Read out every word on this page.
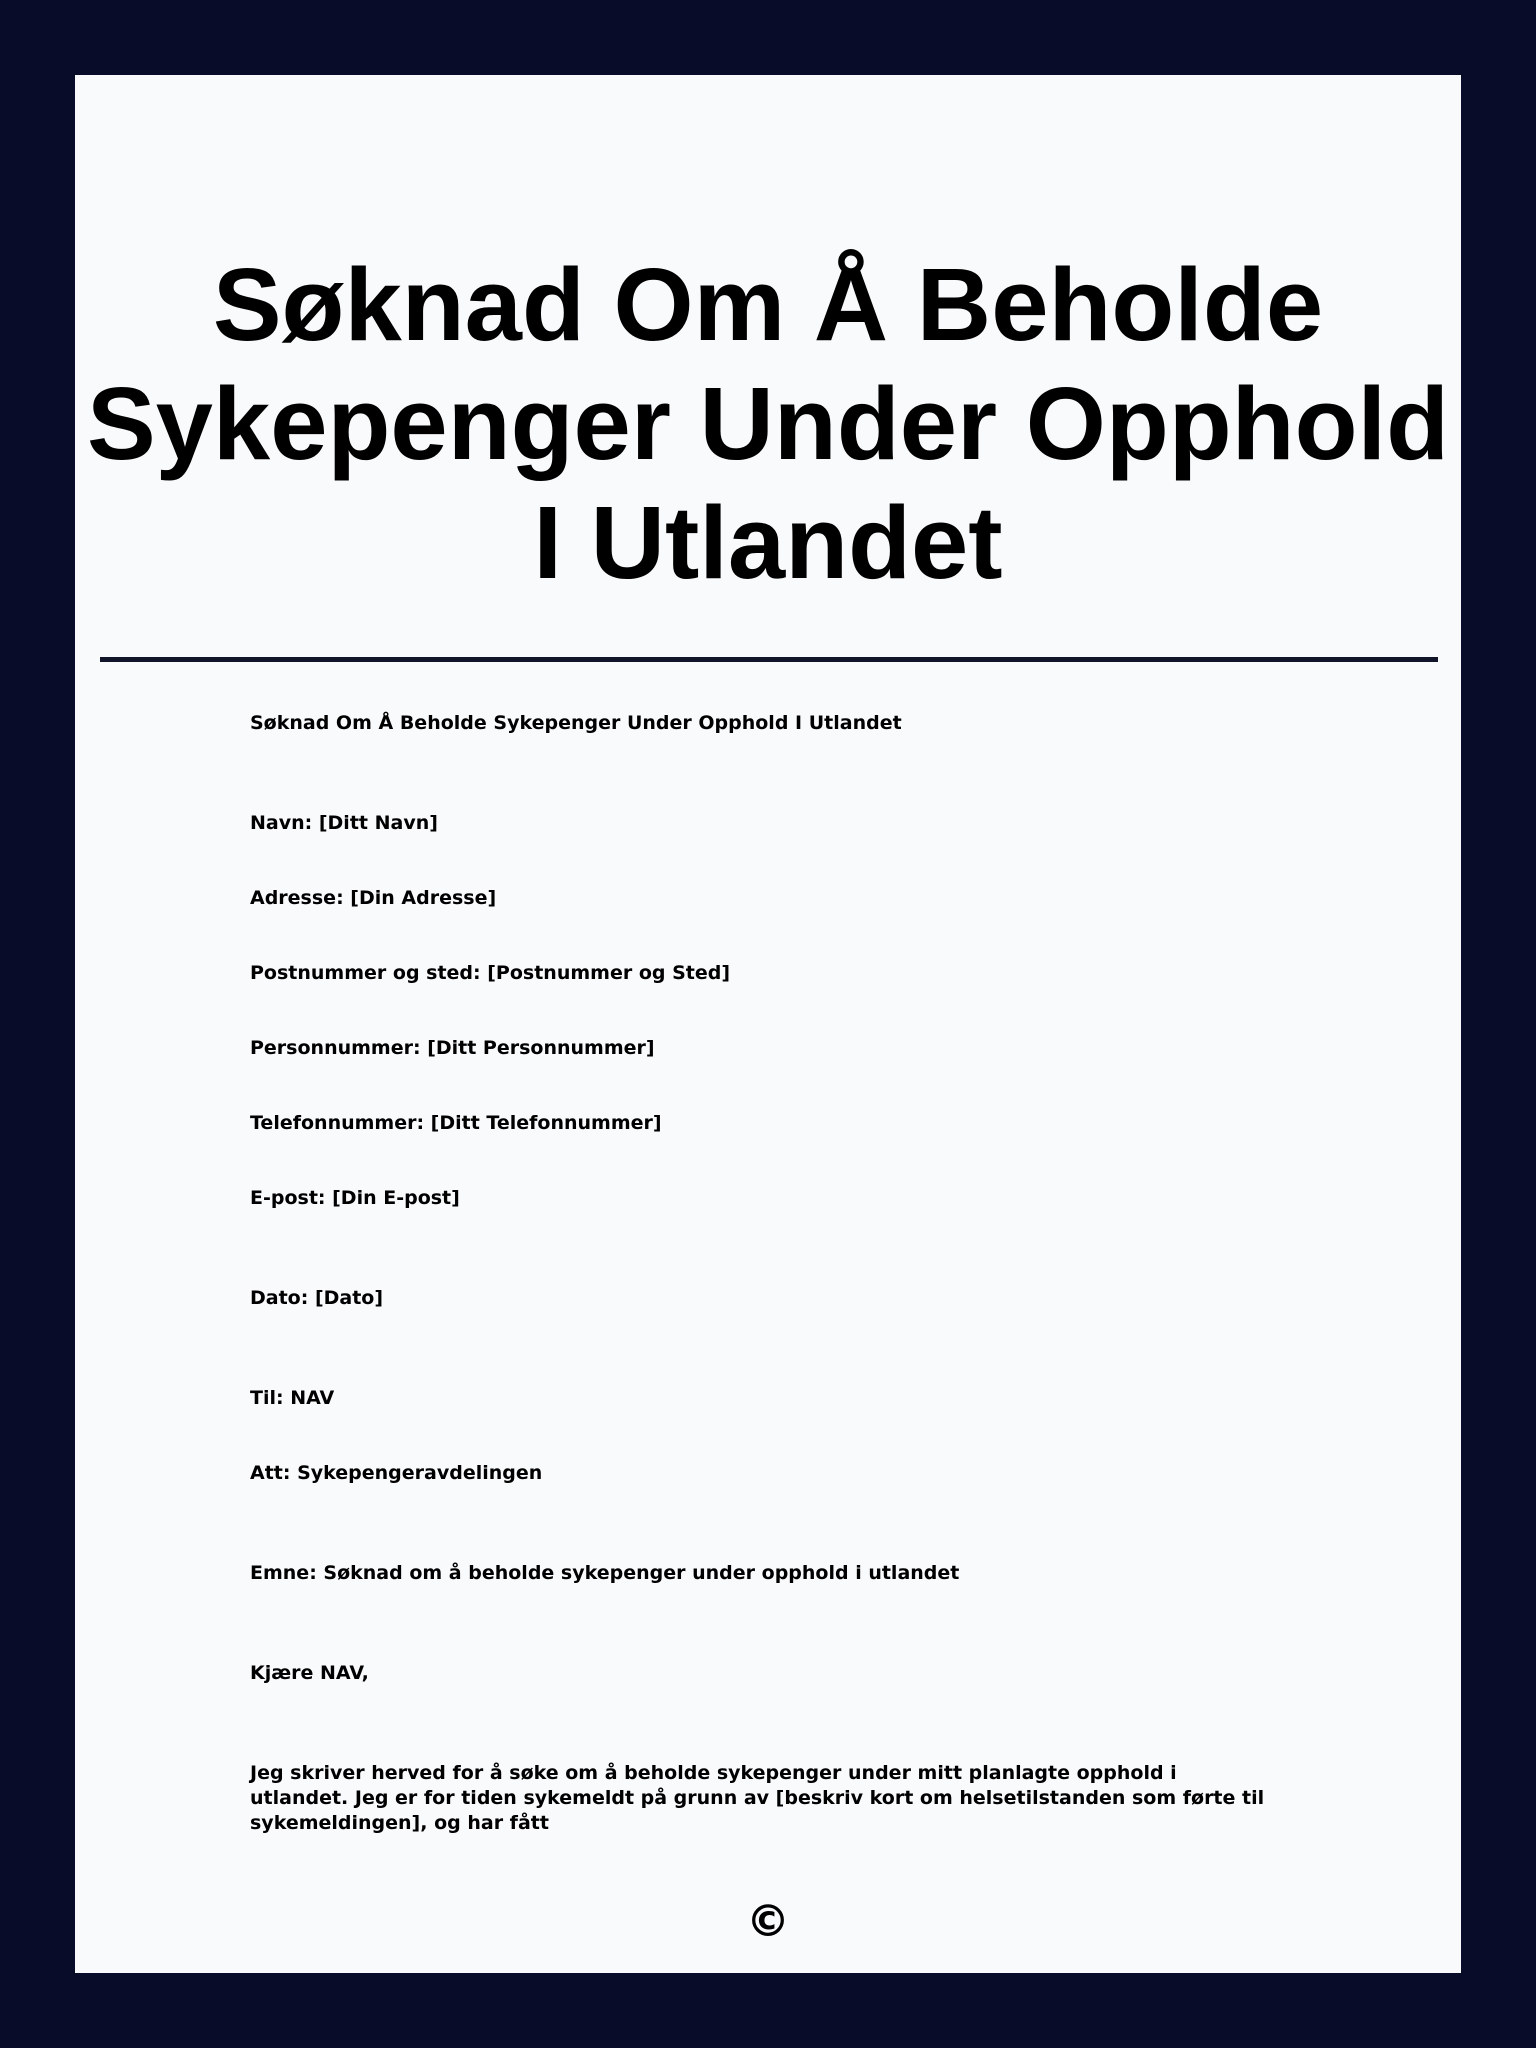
Søknad Om Å Beholde Sykepenger Under Opphold I Utlandet

Søknad Om Å Beholde Sykepenger Under Opphold I Utlandet

Navn: [Ditt Navn]

Adresse: [Din Adresse]

Postnummer og sted: [Postnummer og Sted]

Personnummer: [Ditt Personnummer]

Telefonnummer: [Ditt Telefonnummer]

E-post: [Din E-post]

Dato: [Dato]

Til: NAV

Att: Sykepengeravdelingen

Emne: Søknad om å beholde sykepenger under opphold i utlandet

Kjære NAV,

Jeg skriver herved for å søke om å beholde sykepenger under mitt planlagte opphold i utlandet. Jeg er for tiden sykemeldt på grunn av [beskriv kort om helsetilstanden som førte til sykemeldingen], og har fått

©
